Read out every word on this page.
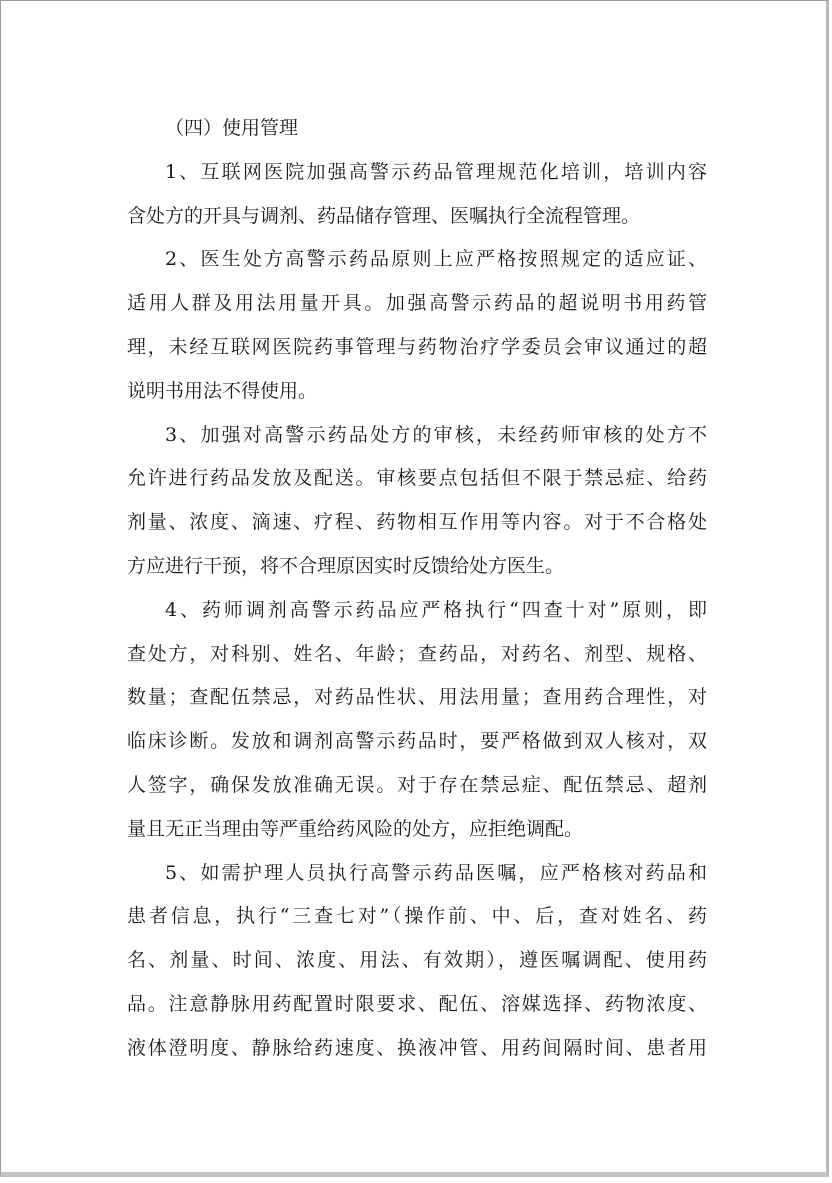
（四）使用管理
1、互联网医院加强高警示药品管理规范化培训，培训内容
含处方的开具与调剂、药品储存管理、医嘱执行全流程管理。
2、医生处方高警示药品原则上应严格按照规定的适应证、
适用人群及用法用量开具。加强高警示药品的超说明书用药管
理，未经互联网医院药事管理与药物治疗学委员会审议通过的超
说明书用法不得使用。
3、加强对高警示药品处方的审核，未经药师审核的处方不
允许进行药品发放及配送。审核要点包括但不限于禁忌症、给药
剂量、浓度、滴速、疗程、药物相互作用等内容。对于不合格处
方应进行干预，将不合理原因实时反馈给处方医生。
4、药师调剂高警示药品应严格执行“四查十对”原则，即
查处方，对科别、姓名、年龄；查药品，对药名、剂型、规格、
数量；查配伍禁忌，对药品性状、用法用量；查用药合理性，对
临床诊断。发放和调剂高警示药品时，要严格做到双人核对，双
人签字，确保发放准确无误。对于存在禁忌症、配伍禁忌、超剂
量且无正当理由等严重给药风险的处方，应拒绝调配。
5、如需护理人员执行高警示药品医嘱，应严格核对药品和
患者信息，执行“三查七对”（操作前、中、后，查对姓名、药
名、剂量、时间、浓度、用法、有效期），遵医嘱调配、使用药
品。注意静脉用药配置时限要求、配伍、溶媒选择、药物浓度、
液体澄明度、静脉给药速度、换液冲管、用药间隔时间、患者用
